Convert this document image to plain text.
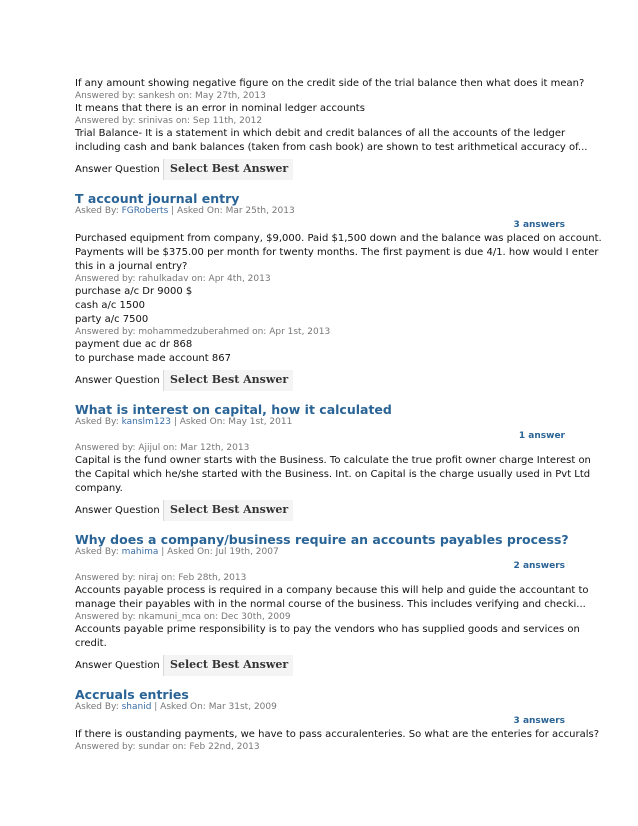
If any amount showing negative figure on the credit side of the trial balance then what does it mean?
Answered by: sankesh on: May 27th, 2013
It means that there is an error in nominal ledger accounts
Answered by: srinivas on: Sep 11th, 2012
Trial Balance- It is a statement in which debit and credit balances of all the accounts of the ledger
including cash and bank balances (taken from cash book) are shown to test arithmetical accuracy of...
Answer Question Select Best Answer
T account journal entry
Asked By: FGRoberts | Asked On: Mar 25th, 2013
3 answers
Purchased equipment from company, $9,000. Paid $1,500 down and the balance was placed on account.
Payments will be $375.00 per month for twenty months. The first payment is due 4/1. how would I enter
this in a journal entry?
Answered by: rahulkadav on: Apr 4th, 2013
purchase a/c Dr 9000 $
cash a/c 1500
party a/c 7500
Answered by: mohammedzuberahmed on: Apr 1st, 2013
payment due ac dr 868
to purchase made account 867
Answer Question Select Best Answer
What is interest on capital, how it calculated
Asked By: kanslm123 | Asked On: May 1st, 2011
1 answer
Answered by: Ajijul on: Mar 12th, 2013
Capital is the fund owner starts with the Business. To calculate the true profit owner charge Interest on
the Capital which he/she started with the Business. Int. on Capital is the charge usually used in Pvt Ltd
company.
Answer Question Select Best Answer
Why does a company/business require an accounts payables process?
Asked By: mahima | Asked On: Jul 19th, 2007
2 answers
Answered by: niraj on: Feb 28th, 2013
Accounts payable process is required in a company because this will help and guide the accountant to
manage their payables with in the normal course of the business. This includes verifying and checki...
Answered by: nkamuni_mca on: Dec 30th, 2009
Accounts payable prime responsibility is to pay the vendors who has supplied goods and services on
credit.
Answer Question Select Best Answer
Accruals entries
Asked By: shanid | Asked On: Mar 31st, 2009
3 answers
If there is oustanding payments, we have to pass accuralenteries. So what are the enteries for accurals?
Answered by: sundar on: Feb 22nd, 2013
